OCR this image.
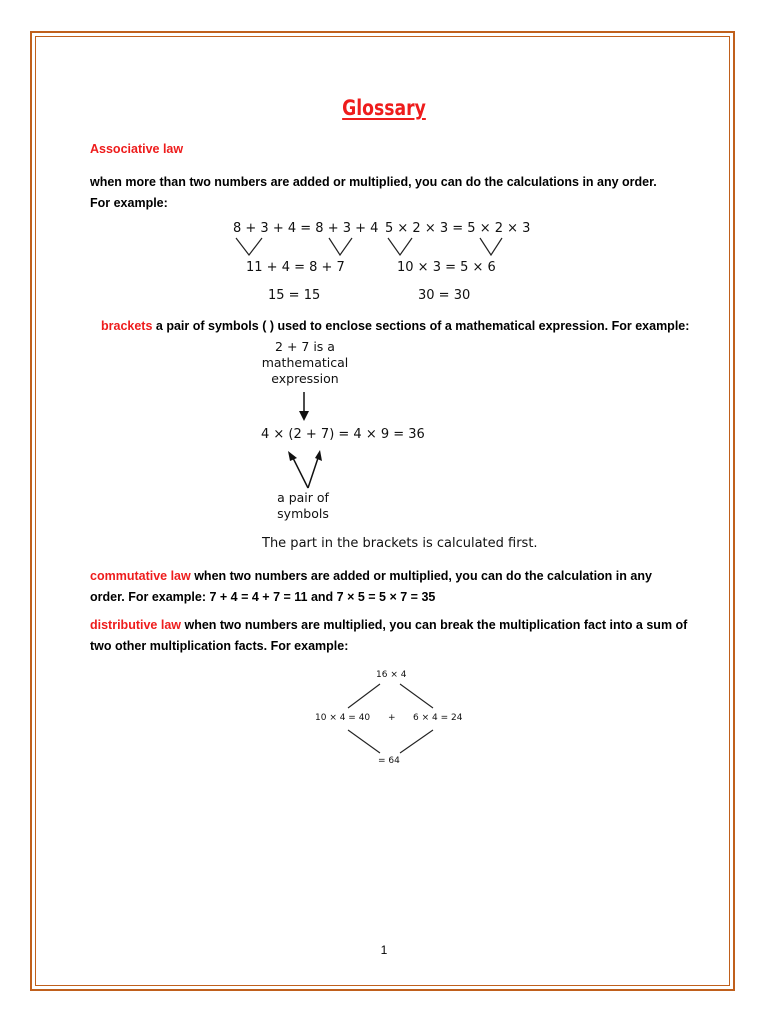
Glossary
Associative law
when more than two numbers are added or multiplied, you can do the calculations in any order. For example:
8 + 3 + 4 = 8 + 3 + 4
11 + 4 = 8 + 7
15 = 15
5 × 2 × 3 = 5 × 2 × 3
10 × 3 = 5 × 6
30 = 30
brackets a pair of symbols ( ) used to enclose sections of a mathematical expression. For example:
2 + 7 is a
mathematical
expression
4 × (2 + 7) = 4 × 9 = 36
a pair of
symbols
The part in the brackets is calculated first.
commutative law when two numbers are added or multiplied, you can do the calculation in any order. For example: 7 + 4 = 4 + 7 = 11 and 7 × 5 = 5 × 7 = 35
distributive law when two numbers are multiplied, you can break the multiplication fact into a sum of two other multiplication facts. For example:
16 × 4
10 × 4 = 40 + 6 × 4 = 24
= 64
1
